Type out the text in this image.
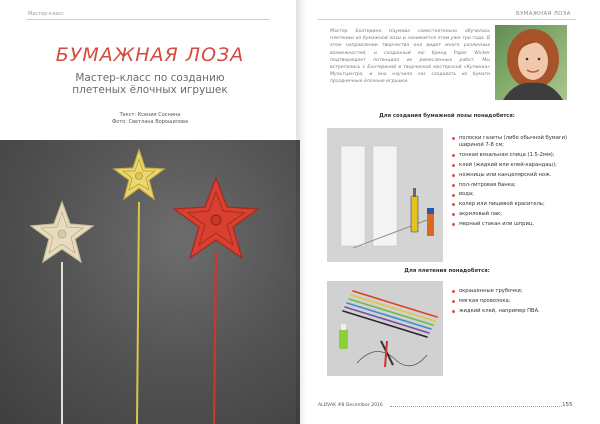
Мастер-класс
БУМАЖНАЯ ЛОЗА
Мастер-класс по созданию плетеных ёлочных игрушек
Текст: Ксения Соснина
Фото: Светлана Ворошилова
БУМАЖНАЯ ЛОЗА
Мастер Екатерина Наумова самостоятельно обучилась плетению из бумажной лозы и занимается этим уже три года. В этом направлении творчества она видит много различных возможностей, и созданный ею бренд Paper Wicker подтверждает потенциал ее ремесленных работ. Мы встретились с Екатериной в творческой мастерской «Купинка» Мультцентра, и она научила нас создавать из бумаги праздничные ёлочные игрушки.
Для создания бумажной лозы понадобятся:
полоски газеты (либо обычной бумаги) шириной 7-8 см;
тонкая вязальная спица (1.5-2мм);
клей (жидкий или клей-карандаш);
ножницы или канцелярский нож.
пол-литровая банка;
вода;
колер или пищевой краситель;
акриловый лак;
мерный стакан или шприц.
Для плетения понадобятся:
окрашенные трубочки;
мягкая проволока;
жидкий клей, например ПВА.
ALDVAK #8 December 2016	155
